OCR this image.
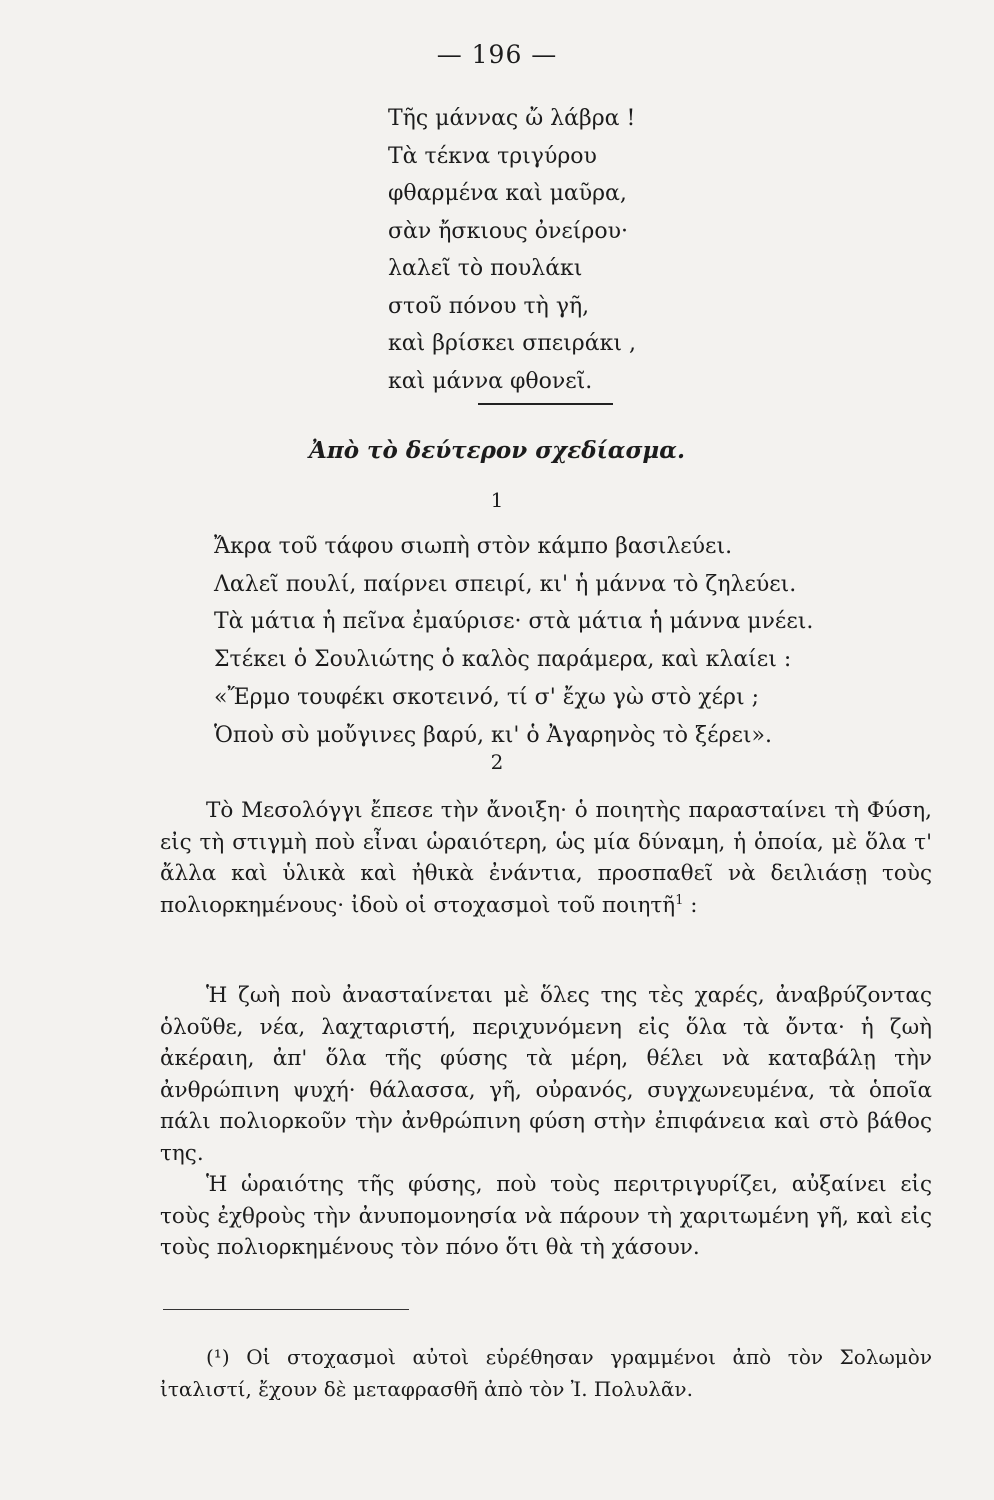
— 196 —
Τῆς μάννας ὤ λάβρα !
Τὰ τέκνα τριγύρου
φθαρμένα καὶ μαῦρα,
σὰν ἤσκιους ὀνείρου·
λαλεῖ τὸ πουλάκι
στοῦ πόνου τὴ γῆ,
καὶ βρίσκει σπειράκι ,
καὶ μάννα φθονεῖ.
Ἀπὸ τὸ δεύτερον σχεδίασμα.
1
Ἄκρα τοῦ τάφου σιωπὴ στὸν κάμπο βασιλεύει.
Λαλεῖ πουλί, παίρνει σπειρί, κι' ἡ μάννα τὸ ζηλεύει.
Τὰ μάτια ἡ πεῖνα ἐμαύρισε· στὰ μάτια ἡ μάννα μνέει.
Στέκει ὁ Σουλιώτης ὁ καλὸς παράμερα, καὶ κλαίει :
«Ἔρμο τουφέκι σκοτεινό, τί σ' ἔχω γὼ στὸ χέρι ;
Ὁποὺ σὺ μοὔγινες βαρύ, κι' ὁ Ἀγαρηνὸς τὸ ξέρει».
2

Τὸ Μεσολόγγι ἔπεσε τὴν ἄνοιξη· ὁ ποιητὴς παρασταίνει τὴ Φύση, εἰς τὴ στιγμὴ ποὺ εἶναι ὡραιότερη, ὡς μία δύναμη, ἡ ὁποία, μὲ ὅλα τ' ἄλλα καὶ ὑλικὰ καὶ ἠθικὰ ἐνάντια, προσπαθεῖ νὰ δειλιάσῃ τοὺς πολιορκημένους· ἰδοὺ οἱ στοχασμοὶ τοῦ ποιητῆ$^1$ :

Ἡ ζωὴ ποὺ ἀνασταίνεται μὲ ὅλες της τὲς χαρές, ἀναβρύζοντας ὁλοῦθε, νέα, λαχταριστή, περιχυνόμενη εἰς ὅλα τὰ ὄντα· ἡ ζωὴ ἀκέραιη, ἀπ' ὅλα τῆς φύσης τὰ μέρη, θέλει νὰ καταβάλῃ τὴν ἀνθρώπινη ψυχή· θάλασσα, γῆ, οὐρανός, συγχωνευμένα, τὰ ὁποῖα πάλι πολιορκοῦν τὴν ἀνθρώπινη φύση στὴν ἐπιφάνεια καὶ στὸ βάθος της.

Ἡ ὡραιότης τῆς φύσης, ποὺ τοὺς περιτριγυρίζει, αὐξαίνει εἰς τοὺς ἐχθροὺς τὴν ἀνυπομονησία νὰ πάρουν τὴ χαριτωμένη γῆ, καὶ εἰς τοὺς πολιορκημένους τὸν πόνο ὅτι θὰ τὴ χάσουν.

(¹) Οἱ στοχασμοὶ αὐτοὶ εὑρέθησαν γραμμένοι ἀπὸ τὸν Σολωμὸν ἰταλιστί, ἔχουν δὲ μεταφρασθῆ ἀπὸ τὸν Ἰ. Πολυλᾶν.
